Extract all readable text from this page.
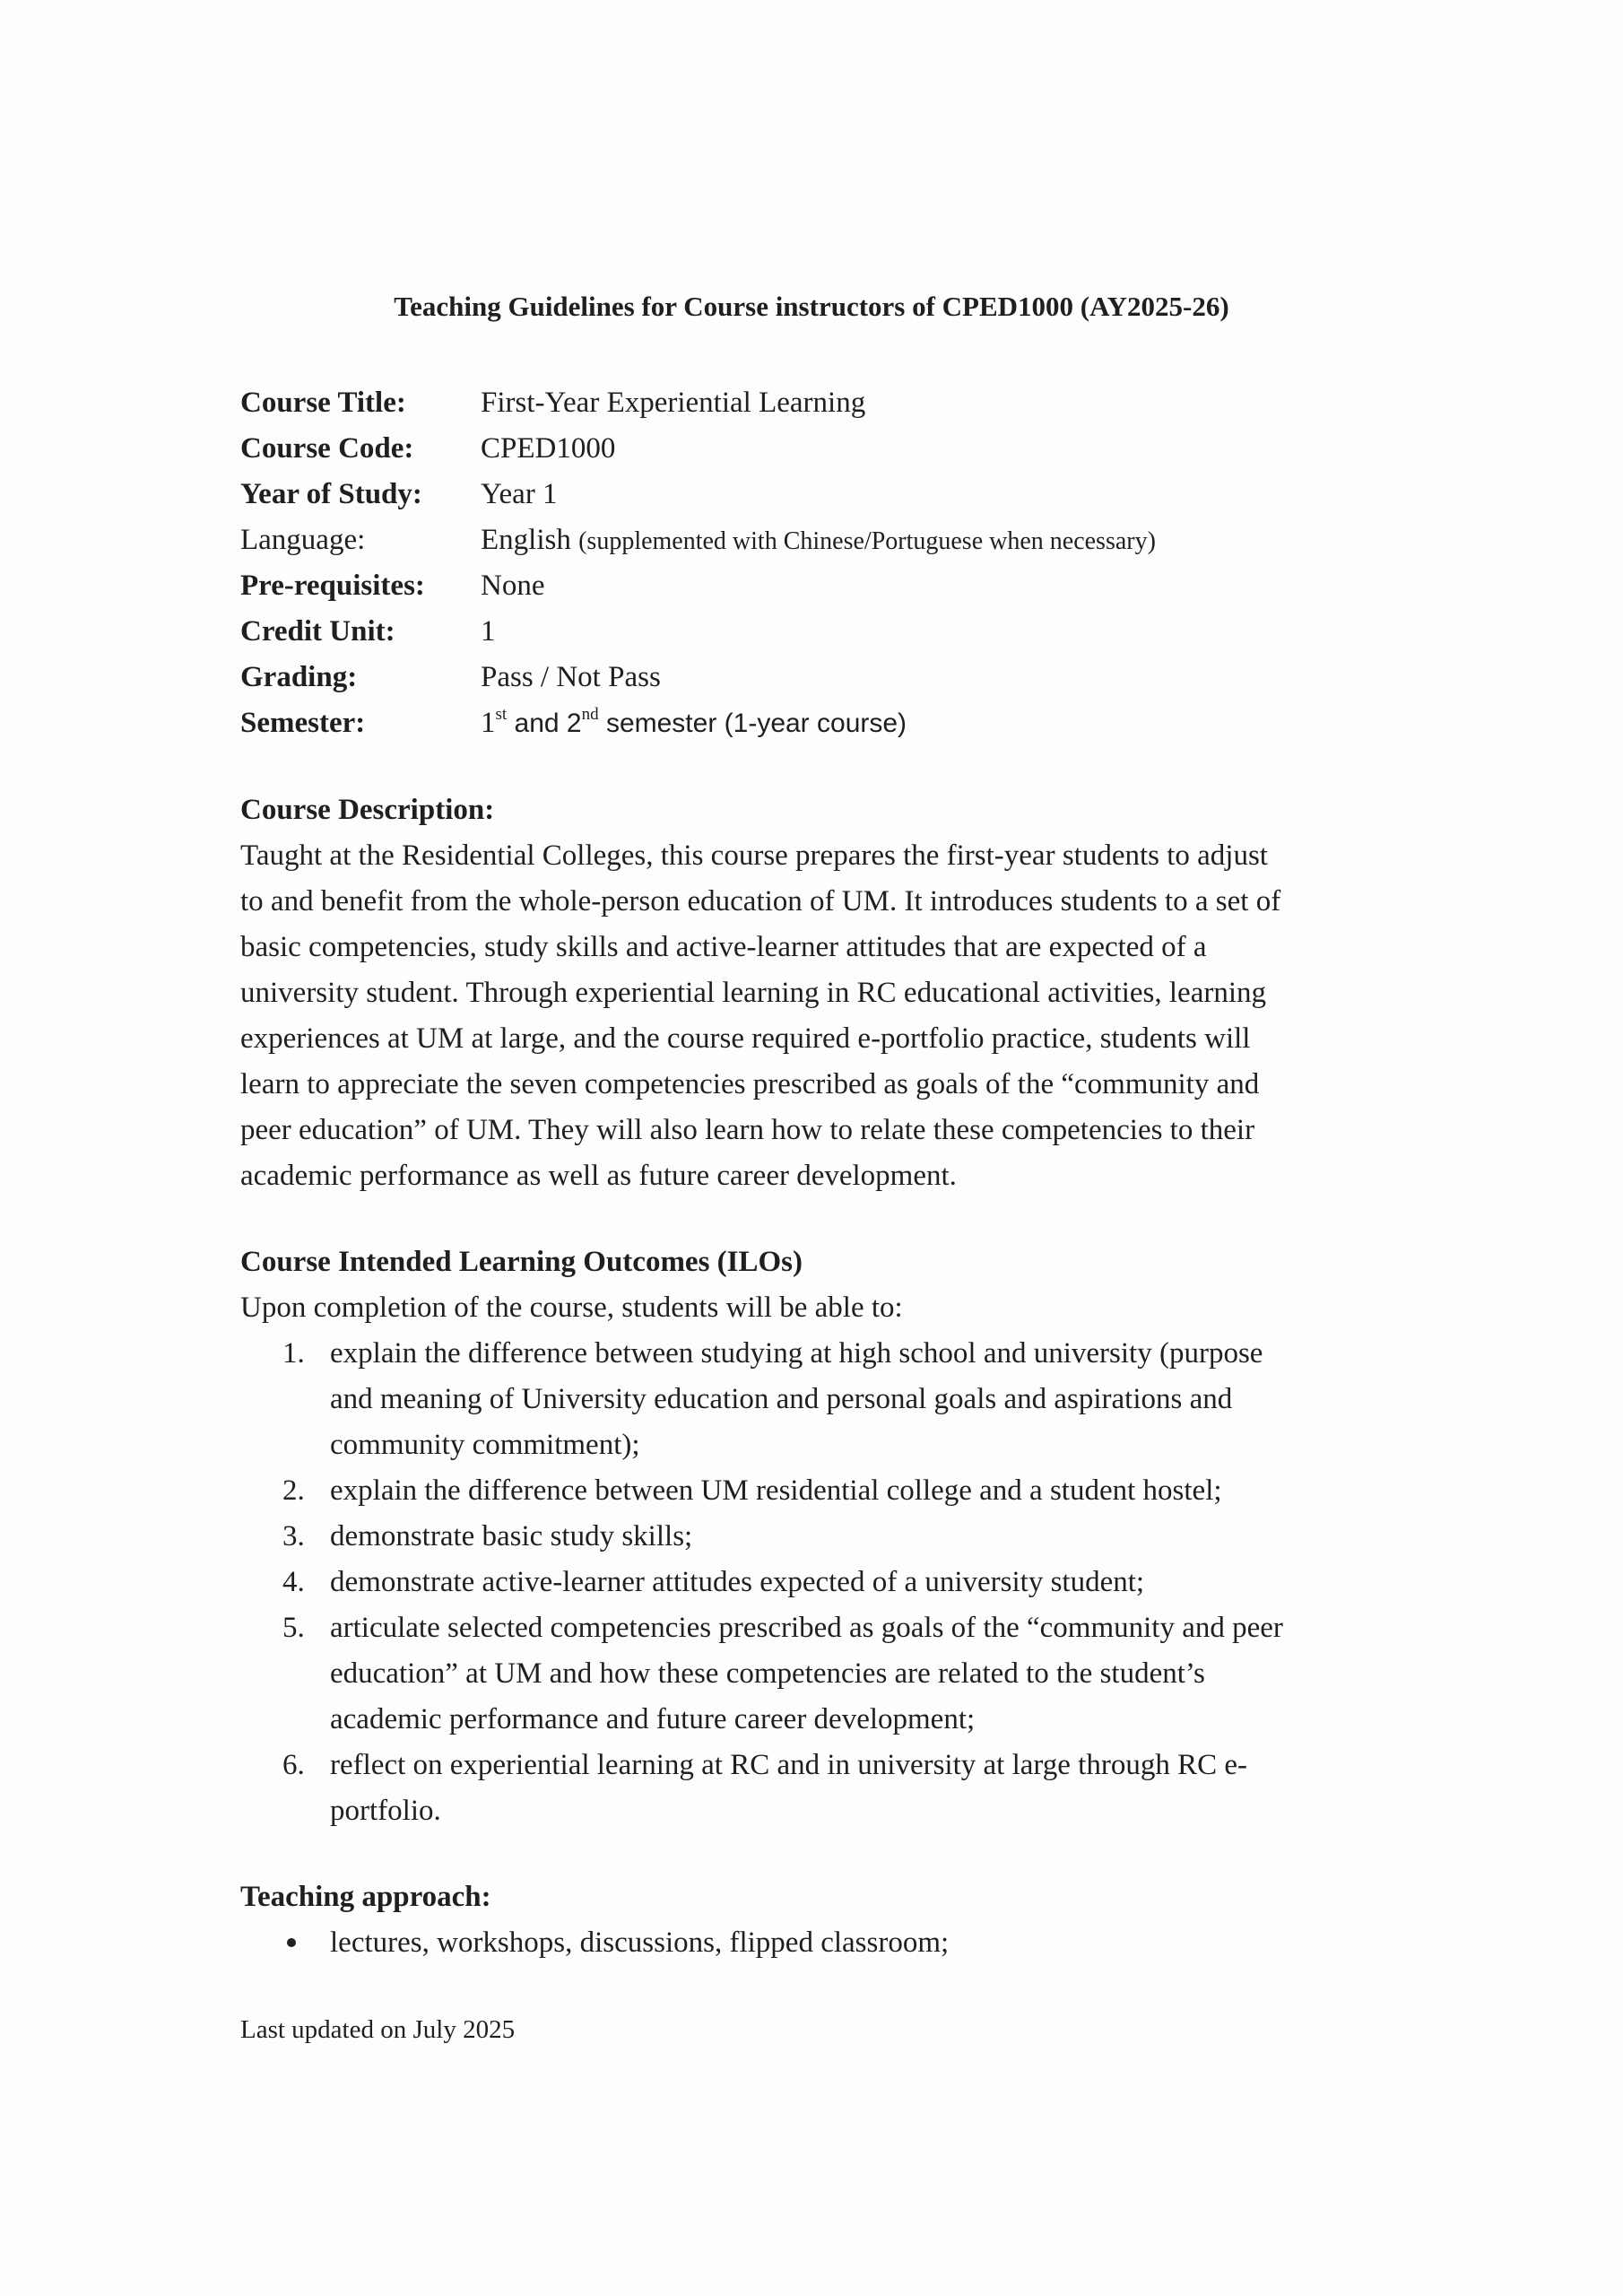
Teaching Guidelines for Course instructors of CPED1000 (AY2025-26)
Course Title:	First-Year Experiential Learning
Course Code: CPED1000
Year of Study: Year 1
Language:	English (supplemented with Chinese/Portuguese when necessary)
Pre-requisites: None
Credit Unit:	1
Grading:	Pass / Not Pass
Semester:	1st and 2nd semester (1-year course)
Course Description:
Taught at the Residential Colleges, this course prepares the first-year students to adjust
to and benefit from the whole-person education of UM. It introduces students to a set of
basic competencies, study skills and active-learner attitudes that are expected of a
university student. Through experiential learning in RC educational activities, learning
experiences at UM at large, and the course required e-portfolio practice, students will
learn to appreciate the seven competencies prescribed as goals of the “community and
peer education” of UM. They will also learn how to relate these competencies to their
academic performance as well as future career development.
Course Intended Learning Outcomes (ILOs)
Upon completion of the course, students will be able to:
1. explain the difference between studying at high school and university (purpose
and meaning of University education and personal goals and aspirations and
community commitment);
2. explain the difference between UM residential college and a student hostel;
3. demonstrate basic study skills;
4. demonstrate active-learner attitudes expected of a university student;
5. articulate selected competencies prescribed as goals of the “community and peer
education” at UM and how these competencies are related to the student’s
academic performance and future career development;
6. reflect on experiential learning at RC and in university at large through RC e-
portfolio.
Teaching approach:
lectures, workshops, discussions, flipped classroom;
Last updated on July 2025
